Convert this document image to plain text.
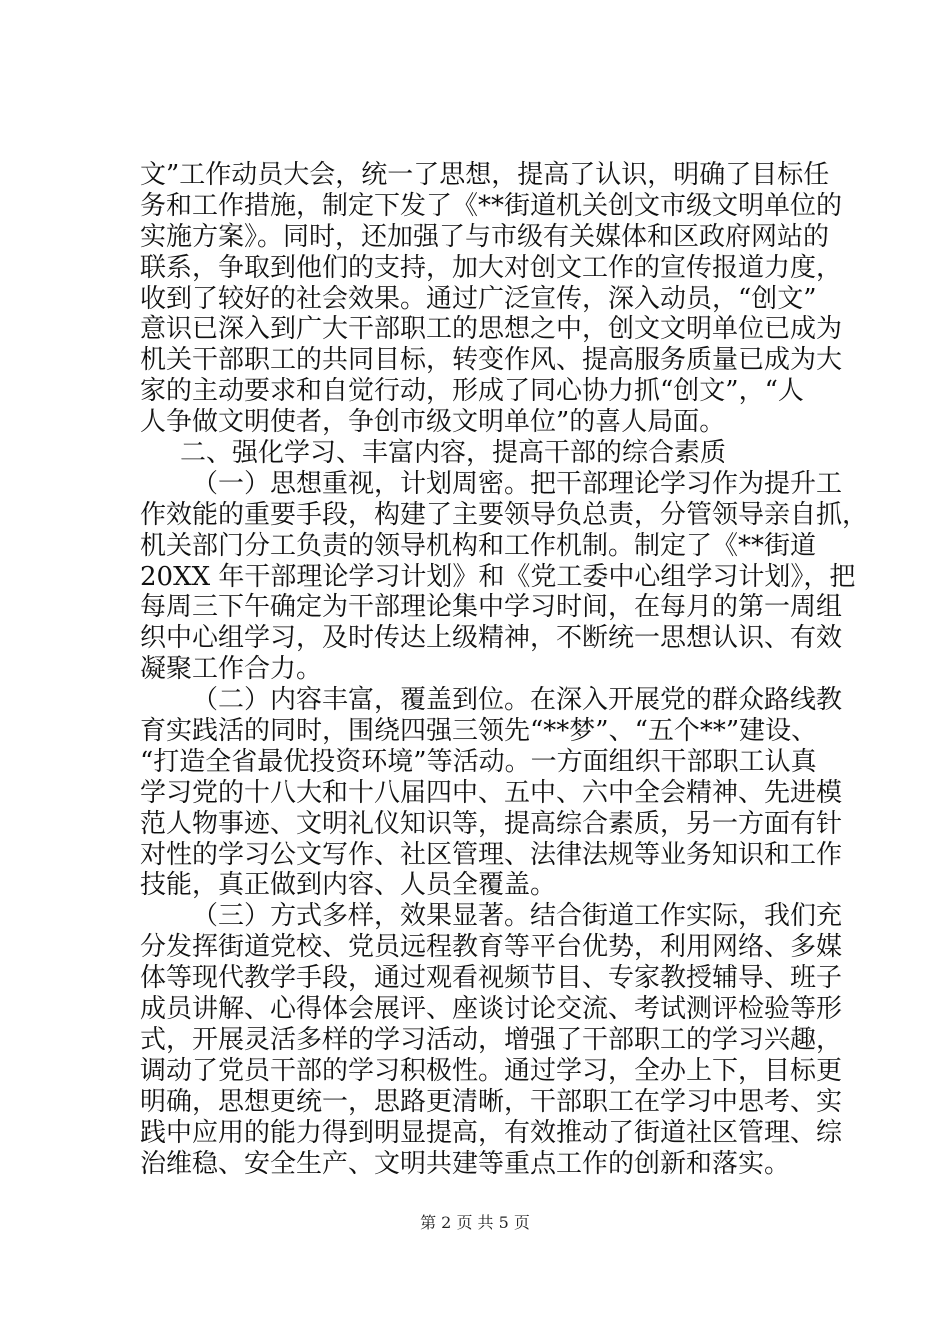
文”工作动员大会，统一了思想，提高了认识，明确了目标任

务和工作措施，制定下发了《**街道机关创文市级文明单位的

实施方案》。同时，还加强了与市级有关媒体和区政府网站的

联系，争取到他们的支持，加大对创文工作的宣传报道力度，

收到了较好的社会效果。通过广泛宣传，深入动员，“创文”

意识已深入到广大干部职工的思想之中，创文文明单位已成为

机关干部职工的共同目标，转变作风、提高服务质量已成为大

家的主动要求和自觉行动，形成了同心协力抓“创文”，“人

人争做文明使者，争创市级文明单位”的喜人局面。

二、强化学习、丰富内容，提高干部的综合素质

（一）思想重视，计划周密。把干部理论学习作为提升工

作效能的重要手段，构建了主要领导负总责，分管领导亲自抓，

机关部门分工负责的领导机构和工作机制。制定了《**街道

20XX 年干部理论学习计划》和《党工委中心组学习计划》，把

每周三下午确定为干部理论集中学习时间，在每月的第一周组

织中心组学习，及时传达上级精神，不断统一思想认识、有效

凝聚工作合力。

（二）内容丰富，覆盖到位。在深入开展党的群众路线教

育实践活的同时，围绕四强三领先“**梦”、“五个**”建设、

“打造全省最优投资环境”等活动。一方面组织干部职工认真

学习党的十八大和十八届四中、五中、六中全会精神、先进模

范人物事迹、文明礼仪知识等，提高综合素质，另一方面有针

对性的学习公文写作、社区管理、法律法规等业务知识和工作

技能，真正做到内容、人员全覆盖。

（三）方式多样，效果显著。结合街道工作实际，我们充

分发挥街道党校、党员远程教育等平台优势，利用网络、多媒

体等现代教学手段，通过观看视频节目、专家教授辅导、班子

成员讲解、心得体会展评、座谈讨论交流、考试测评检验等形

式，开展灵活多样的学习活动，增强了干部职工的学习兴趣，

调动了党员干部的学习积极性。通过学习，全办上下，目标更

明确，思想更统一，思路更清晰，干部职工在学习中思考、实

践中应用的能力得到明显提高，有效推动了街道社区管理、综

治维稳、安全生产、文明共建等重点工作的创新和落实。

第 2 页 共 5 页
